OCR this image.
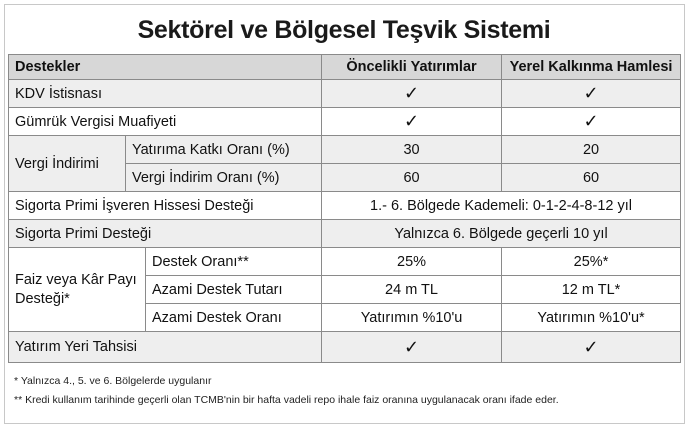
Sektörel ve Bölgesel Teşvik Sistemi
Destekler			Öncelikli Yatırımlar	Yerel Kalkınma Hamlesi
KDV İstisnası			✓	✓
Gümrük Vergisi Muafiyeti			✓	✓
Vergi İndirimi	Yatırıma Katkı Oranı (%)		30	20
	Vergi İndirim Oranı (%)		60	60
Sigorta Primi İşveren Hissesi Desteği			1.- 6. Bölgede Kademeli: 0-1-2-4-8-12 yıl	
Sigorta Primi Desteği			Yalnızca 6. Bölgede geçerli 10 yıl	
Faiz veya Kâr Payı Desteği*		Destek Oranı**	25%	25%*
		Azami Destek Tutarı	24 m TL	12 m TL*
		Azami Destek Oranı	Yatırımın %10'u	Yatırımın %10'u*
Yatırım Yeri Tahsisi			✓	✓
* Yalnızca 4., 5. ve 6. Bölgelerde uygulanır
** Kredi kullanım tarihinde geçerli olan TCMB'nin bir hafta vadeli repo ihale faiz oranına uygulanacak oranı ifade eder.
